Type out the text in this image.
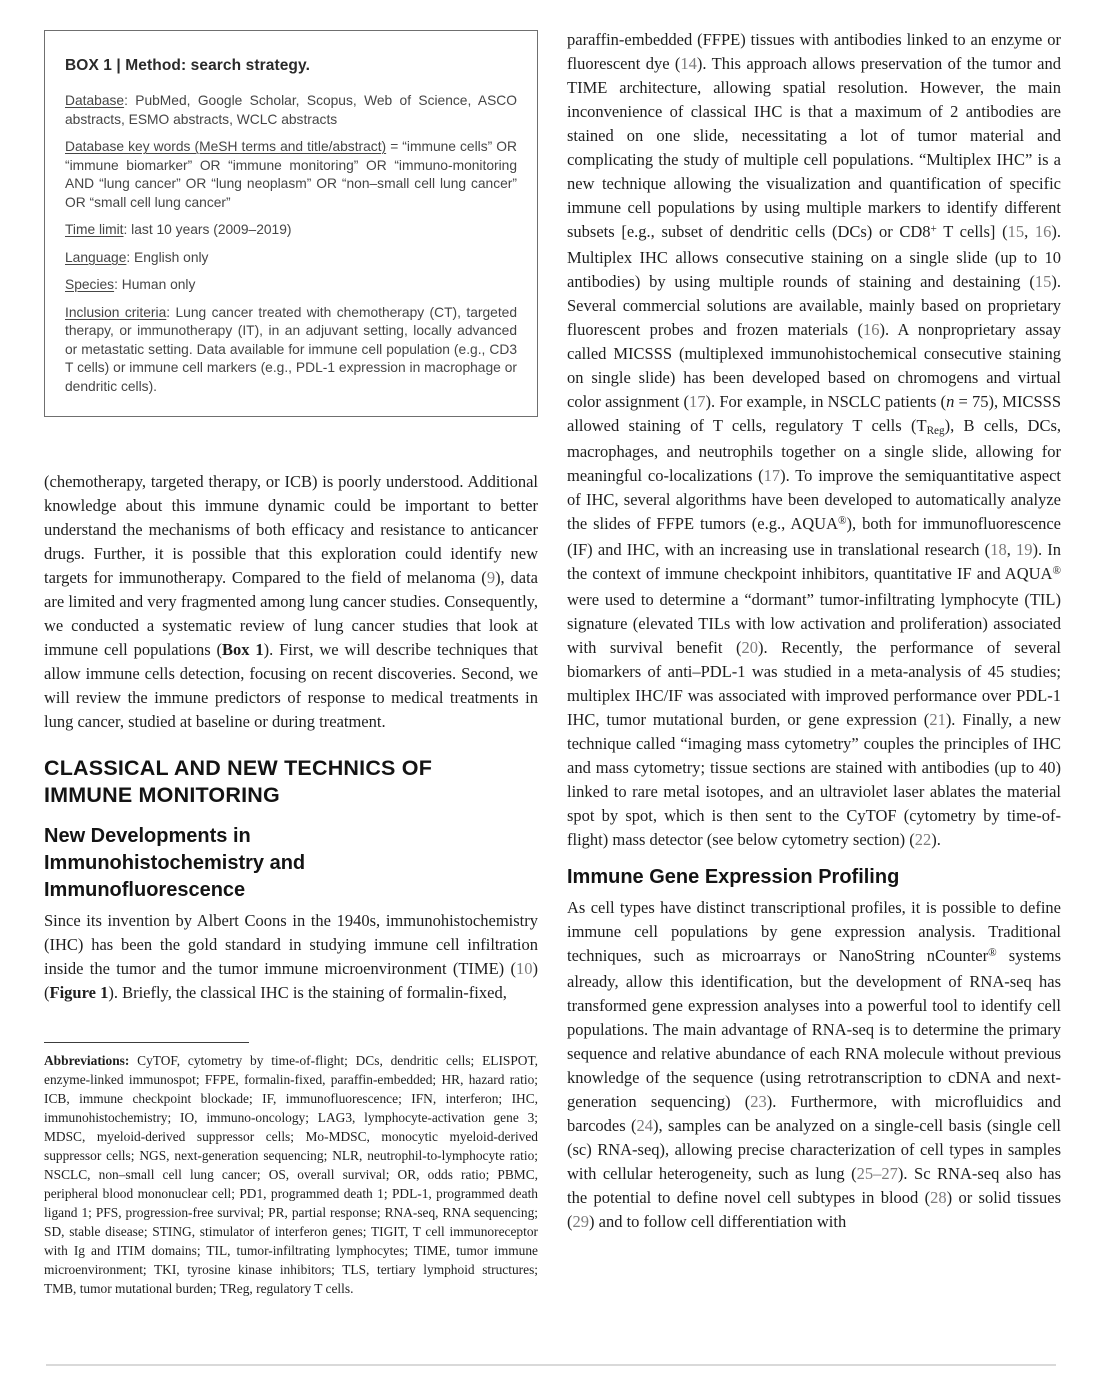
BOX 1 | Method: search strategy.
Database: PubMed, Google Scholar, Scopus, Web of Science, ASCO abstracts, ESMO abstracts, WCLC abstracts
Database key words (MeSH terms and title/abstract) = “immune cells” OR “immune biomarker” OR “immune monitoring” OR “immuno-monitoring AND “lung cancer” OR “lung neoplasm” OR “non–small cell lung cancer” OR “small cell lung cancer”
Time limit: last 10 years (2009–2019)
Language: English only
Species: Human only
Inclusion criteria: Lung cancer treated with chemotherapy (CT), targeted therapy, or immunotherapy (IT), in an adjuvant setting, locally advanced or metastatic setting. Data available for immune cell population (e.g., CD3 T cells) or immune cell markers (e.g., PDL-1 expression in macrophage or dendritic cells).

(chemotherapy, targeted therapy, or ICB) is poorly understood. Additional knowledge about this immune dynamic could be important to better understand the mechanisms of both efficacy and resistance to anticancer drugs. Further, it is possible that this exploration could identify new targets for immunotherapy. Compared to the field of melanoma (9), data are limited and very fragmented among lung cancer studies. Consequently, we conducted a systematic review of lung cancer studies that look at immune cell populations (Box 1). First, we will describe techniques that allow immune cells detection, focusing on recent discoveries. Second, we will review the immune predictors of response to medical treatments in lung cancer, studied at baseline or during treatment.

CLASSICAL AND NEW TECHNICS OF
IMMUNE MONITORING
New Developments in
Immunohistochemistry and
Immunofluorescence

Since its invention by Albert Coons in the 1940s, immunohistochemistry (IHC) has been the gold standard in studying immune cell infiltration inside the tumor and the tumor immune microenvironment (TIME) (10) (Figure 1). Briefly, the classical IHC is the staining of formalin-fixed,

paraffin-embedded (FFPE) tissues with antibodies linked to an enzyme or fluorescent dye (14). This approach allows preservation of the tumor and TIME architecture, allowing spatial resolution. However, the main inconvenience of classical IHC is that a maximum of 2 antibodies are stained on one slide, necessitating a lot of tumor material and complicating the study of multiple cell populations. “Multiplex IHC” is a new technique allowing the visualization and quantification of specific immune cell populations by using multiple markers to identify different subsets [e.g., subset of dendritic cells (DCs) or CD8+ T cells] (15, 16). Multiplex IHC allows consecutive staining on a single slide (up to 10 antibodies) by using multiple rounds of staining and destaining (15). Several commercial solutions are available, mainly based on proprietary fluorescent probes and frozen materials (16). A nonproprietary assay called MICSSS (multiplexed immunohistochemical consecutive staining on single slide) has been developed based on chromogens and virtual color assignment (17). For example, in NSCLC patients (n = 75), MICSSS allowed staining of T cells, regulatory T cells (TReg), B cells, DCs, macrophages, and neutrophils together on a single slide, allowing for meaningful co-localizations (17). To improve the semiquantitative aspect of IHC, several algorithms have been developed to automatically analyze the slides of FFPE tumors (e.g., AQUA®), both for immunofluorescence (IF) and IHC, with an increasing use in translational research (18, 19). In the context of immune checkpoint inhibitors, quantitative IF and AQUA® were used to determine a “dormant” tumor-infiltrating lymphocyte (TIL) signature (elevated TILs with low activation and proliferation) associated with survival benefit (20). Recently, the performance of several biomarkers of anti–PDL-1 was studied in a meta-analysis of 45 studies; multiplex IHC/IF was associated with improved performance over PDL-1 IHC, tumor mutational burden, or gene expression (21). Finally, a new technique called “imaging mass cytometry” couples the principles of IHC and mass cytometry; tissue sections are stained with antibodies (up to 40) linked to rare metal isotopes, and an ultraviolet laser ablates the material spot by spot, which is then sent to the CyTOF (cytometry by time-of-flight) mass detector (see below cytometry section) (22).

Immune Gene Expression Profiling

As cell types have distinct transcriptional profiles, it is possible to define immune cell populations by gene expression analysis. Traditional techniques, such as microarrays or NanoString nCounter® systems already, allow this identification, but the development of RNA-seq has transformed gene expression analyses into a powerful tool to identify cell populations. The main advantage of RNA-seq is to determine the primary sequence and relative abundance of each RNA molecule without previous knowledge of the sequence (using retrotranscription to cDNA and next-generation sequencing) (23). Furthermore, with microfluidics and barcodes (24), samples can be analyzed on a single-cell basis (single cell (sc) RNA-seq), allowing precise characterization of cell types in samples with cellular heterogeneity, such as lung (25–27). Sc RNA-seq also has the potential to define novel cell subtypes in blood (28) or solid tissues (29) and to follow cell differentiation with

Abbreviations: CyTOF, cytometry by time-of-flight; DCs, dendritic cells; ELISPOT, enzyme-linked immunospot; FFPE, formalin-fixed, paraffin-embedded; HR, hazard ratio; ICB, immune checkpoint blockade; IF, immunofluorescence; IFN, interferon; IHC, immunohistochemistry; IO, immuno-oncology; LAG3, lymphocyte-activation gene 3; MDSC, myeloid-derived suppressor cells; Mo-MDSC, monocytic myeloid-derived suppressor cells; NGS, next-generation sequencing; NLR, neutrophil-to-lymphocyte ratio; NSCLC, non–small cell lung cancer; OS, overall survival; OR, odds ratio; PBMC, peripheral blood mononuclear cell; PD1, programmed death 1; PDL-1, programmed death ligand 1; PFS, progression-free survival; PR, partial response; RNA-seq, RNA sequencing; SD, stable disease; STING, stimulator of interferon genes; TIGIT, T cell immunoreceptor with Ig and ITIM domains; TIL, tumor-infiltrating lymphocytes; TIME, tumor immune microenvironment; TKI, tyrosine kinase inhibitors; TLS, tertiary lymphoid structures; TMB, tumor mutational burden; TReg, regulatory T cells.
